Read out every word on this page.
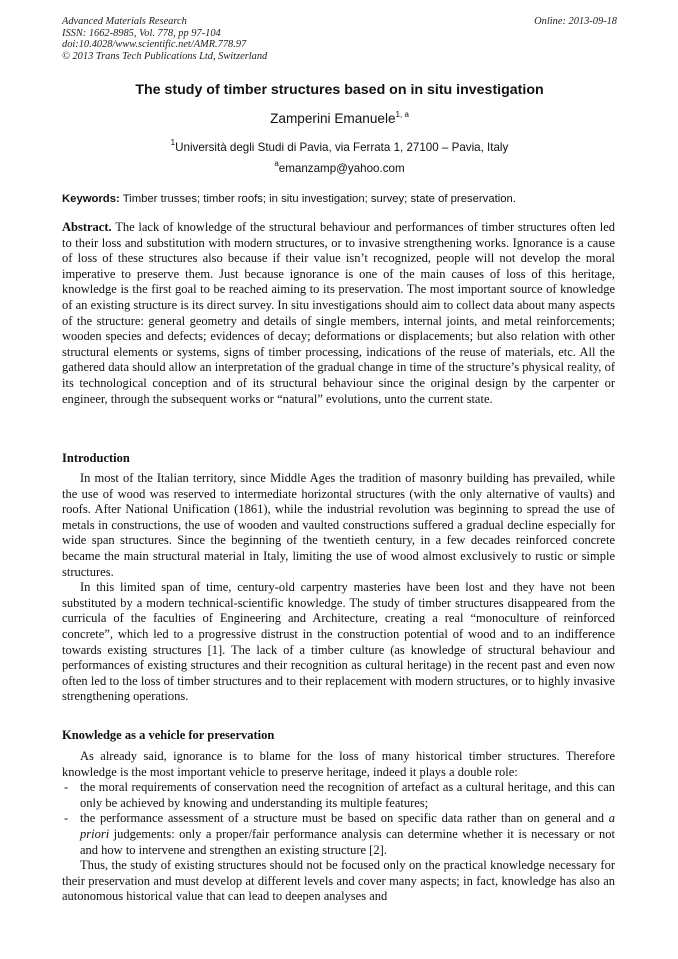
Advanced Materials Research
ISSN: 1662-8985, Vol. 778, pp 97-104
doi:10.4028/www.scientific.net/AMR.778.97
© 2013 Trans Tech Publications Ltd, Switzerland
Online: 2013-09-18
The study of timber structures based on in situ investigation
Zamperini Emanuele$^{1, a}$
$^1$Università degli Studi di Pavia, via Ferrata 1, 27100 – Pavia, Italy
$^a$emanzamp@yahoo.com
Keywords: Timber trusses; timber roofs; in situ investigation; survey; state of preservation.

Abstract. The lack of knowledge of the structural behaviour and performances of timber structures often led to their loss and substitution with modern structures, or to invasive strengthening works. Ignorance is a cause of loss of these structures also because if their value isn’t recognized, people will not develop the moral imperative to preserve them. Just because ignorance is one of the main causes of loss of this heritage, knowledge is the first goal to be reached aiming to its preservation. The most important source of knowledge of an existing structure is its direct survey. In situ investigations should aim to collect data about many aspects of the structure: general geometry and details of single members, internal joints, and metal reinforcements; wooden species and defects; evidences of decay; deformations or displacements; but also relation with other structural elements or systems, signs of timber processing, indications of the reuse of materials, etc. All the gathered data should allow an interpretation of the gradual change in time of the structure’s physical reality, of its technological conception and of its structural behaviour since the original design by the carpenter or engineer, through the subsequent works or “natural” evolutions, unto the current state.

Introduction

In most of the Italian territory, since Middle Ages the tradition of masonry building has prevailed, while the use of wood was reserved to intermediate horizontal structures (with the only alternative of vaults) and roofs. After National Unification (1861), while the industrial revolution was beginning to spread the use of metals in constructions, the use of wooden and vaulted constructions suffered a gradual decline especially for wide span structures. Since the beginning of the twentieth century, in a few decades reinforced concrete became the main structural material in Italy, limiting the use of wood almost exclusively to rustic or simple structures.

In this limited span of time, century-old carpentry masteries have been lost and they have not been substituted by a modern technical-scientific knowledge. The study of timber structures disappeared from the curricula of the faculties of Engineering and Architecture, creating a real “monoculture of reinforced concrete”, which led to a progressive distrust in the construction potential of wood and to an indifference towards existing structures [1]. The lack of a timber culture (as knowledge of structural behaviour and performances of existing structures and their recognition as cultural heritage) in the recent past and even now often led to the loss of timber structures and to their replacement with modern structures, or to highly invasive strengthening operations.

Knowledge as a vehicle for preservation

As already said, ignorance is to blame for the loss of many historical timber structures. Therefore knowledge is the most important vehicle to preserve heritage, indeed it plays a double role:

- the moral requirements of conservation need the recognition of artefact as a cultural heritage, and this can only be achieved by knowing and understanding its multiple features;

- the performance assessment of a structure must be based on specific data rather than on general and a priori judgements: only a proper/fair performance analysis can determine whether it is necessary or not and how to intervene and strengthen an existing structure [2].

Thus, the study of existing structures should not be focused only on the practical knowledge necessary for their preservation and must develop at different levels and cover many aspects; in fact, knowledge has also an autonomous historical value that can lead to deepen analyses and
